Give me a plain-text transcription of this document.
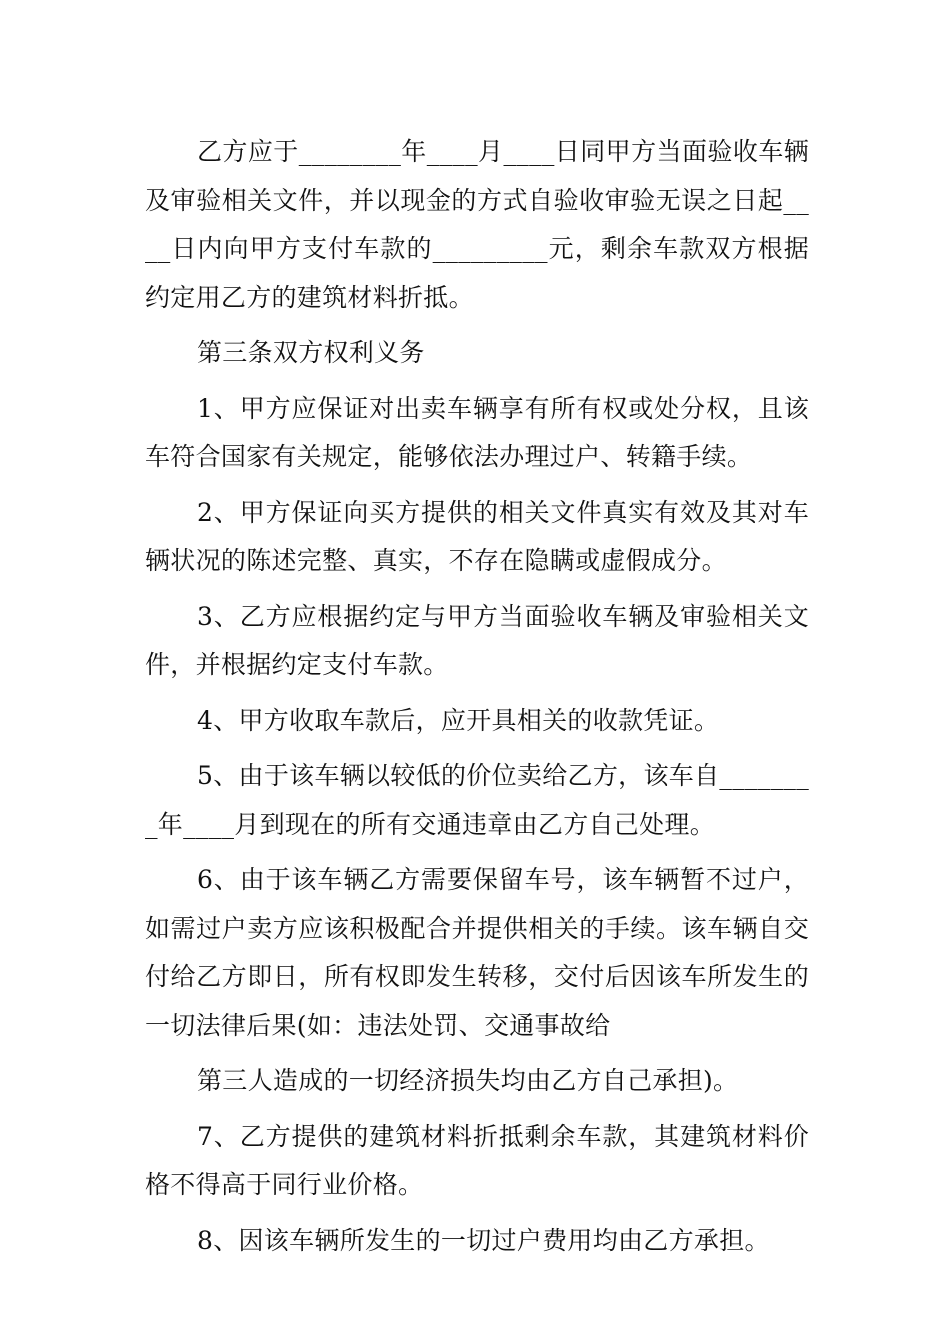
乙方应于________年____月____日同甲方当面验收车辆及审验相关文件，并以现金的方式自验收审验无误之日起____日内向甲方支付车款的_________元，剩余车款双方根据约定用乙方的建筑材料折抵。

第三条双方权利义务

1、甲方应保证对出卖车辆享有所有权或处分权，且该车符合国家有关规定，能够依法办理过户、转籍手续。

2、甲方保证向买方提供的相关文件真实有效及其对车辆状况的陈述完整、真实，不存在隐瞒或虚假成分。

3、乙方应根据约定与甲方当面验收车辆及审验相关文件，并根据约定支付车款。

4、甲方收取车款后，应开具相关的收款凭证。

5、由于该车辆以较低的价位卖给乙方，该车自________年____月到现在的所有交通违章由乙方自己处理。

6、由于该车辆乙方需要保留车号，该车辆暂不过户，如需过户卖方应该积极配合并提供相关的手续。该车辆自交付给乙方即日，所有权即发生转移，交付后因该车所发生的一切法律后果(如：违法处罚、交通事故给

第三人造成的一切经济损失均由乙方自己承担)。

7、乙方提供的建筑材料折抵剩余车款，其建筑材料价格不得高于同行业价格。

8、因该车辆所发生的一切过户费用均由乙方承担。
